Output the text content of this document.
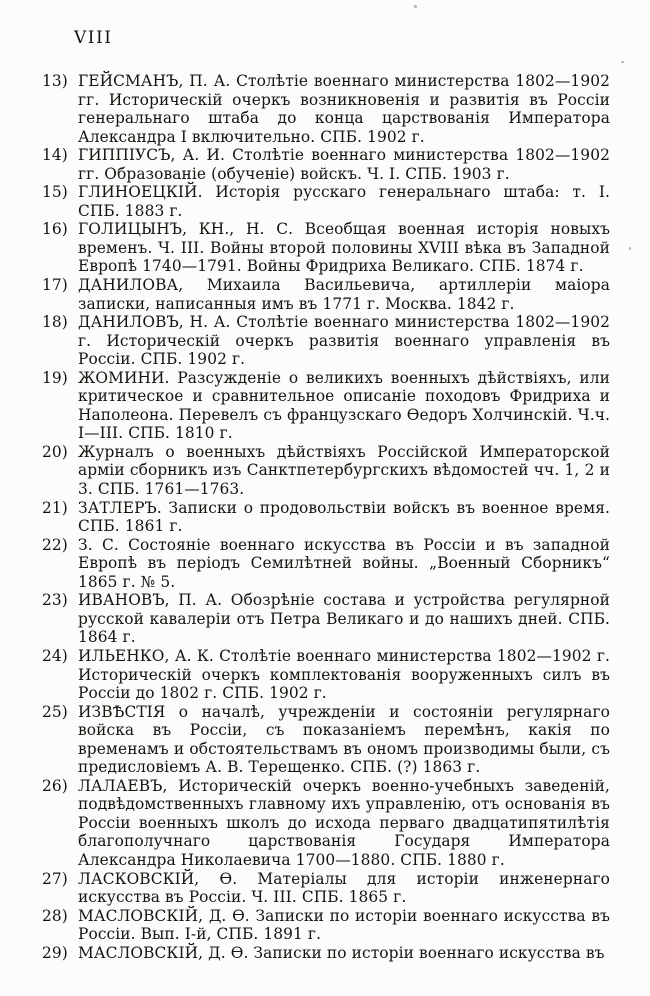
VIII
13) ГЕЙСМАНЪ, П. А. Столѣтіе военнаго министерства 1802—1902 гг. Историческій очеркъ возникновенія и развитія въ Россіи генеральнаго штаба до конца царствованія Императора Александра I включительно. СПБ. 1902 г.
14) ГИППІУСЪ, А. И. Столѣтіе военнаго министерства 1802—1902 гг. Образованіе (обученіе) войскъ. Ч. I. СПБ. 1903 г.
15) ГЛИНОЕЦКІЙ. Исторія русскаго генеральнаго штаба: т. I. СПБ. 1883 г.
16) ГОЛИЦЫНЪ, КН., Н. С. Всеобщая военная исторія новыхъ временъ. Ч. III. Войны второй половины XVIII вѣка въ Западной Европѣ 1740—1791. Войны Фридриха Великаго. СПБ. 1874 г.
17) ДАНИЛОВА, Михаила Васильевича, артиллеріи маіора записки, написанныя имъ въ 1771 г. Москва. 1842 г.
18) ДАНИЛОВЪ, Н. А. Столѣтіе военнаго министерства 1802—1902 г. Историческій очеркъ развитія военнаго управленія въ Россіи. СПБ. 1902 г.
19) ЖОМИНИ. Разсужденіе о великихъ военныхъ дѣйствіяхъ, или критическое и сравнительное описаніе походовъ Фридриха и Наполеона. Перевелъ съ французскаго Ѳедоръ Холчинскій. Ч.ч. I—III. СПБ. 1810 г.
20) Журналъ о военныхъ дѣйствіяхъ Россійской Императорской арміи сборникъ изъ Санктпетербургскихъ вѣдомостей чч. 1, 2 и 3. СПБ. 1761—1763.
21) ЗАТЛЕРЪ. Записки о продовольствіи войскъ въ военное время. СПБ. 1861 г.
22) З. С. Состояніе военнаго искусства въ Россіи и въ западной Европѣ въ періодъ Семилѣтней войны. „Военный Сборникъ“ 1865 г. № 5.
23) ИВАНОВЪ, П. А. Обозрѣніе состава и устройства регулярной русской кавалеріи отъ Петра Великаго и до нашихъ дней. СПБ. 1864 г.
24) ИЛЬЕНКО, А. К. Столѣтіе военнаго министерства 1802—1902 г. Историческій очеркъ комплектованія вооруженныхъ силъ въ Россіи до 1802 г. СПБ. 1902 г.
25) ИЗВѢСТІЯ о началѣ, учрежденіи и состояніи регулярнаго войска въ Россіи, съ показаніемъ перемѣнъ, какія по временамъ и обстоятельствамъ въ ономъ производимы были, съ предисловіемъ А. В. Терещенко. СПБ. (?) 1863 г.
26) ЛАЛАЕВЪ, Историческій очеркъ военно-учебныхъ заведеній, подвѣдомственныхъ главному ихъ управленію, отъ основанія въ Россіи военныхъ школъ до исхода перваго двадцатипятилѣтія благополучнаго царствованія Государя Императора Александра Николаевича 1700—1880. СПБ. 1880 г.
27) ЛАСКОВСКІЙ, Ѳ. Матеріалы для исторіи инженернаго искусства въ Россіи. Ч. III. СПБ. 1865 г.
28) МАСЛОВСКІЙ, Д. Ѳ. Записки по исторіи военнаго искусства въ Россіи. Вып. I-й, СПБ. 1891 г.
29) МАСЛОВСКІЙ, Д. Ѳ. Записки по исторіи военнаго искусства въ
